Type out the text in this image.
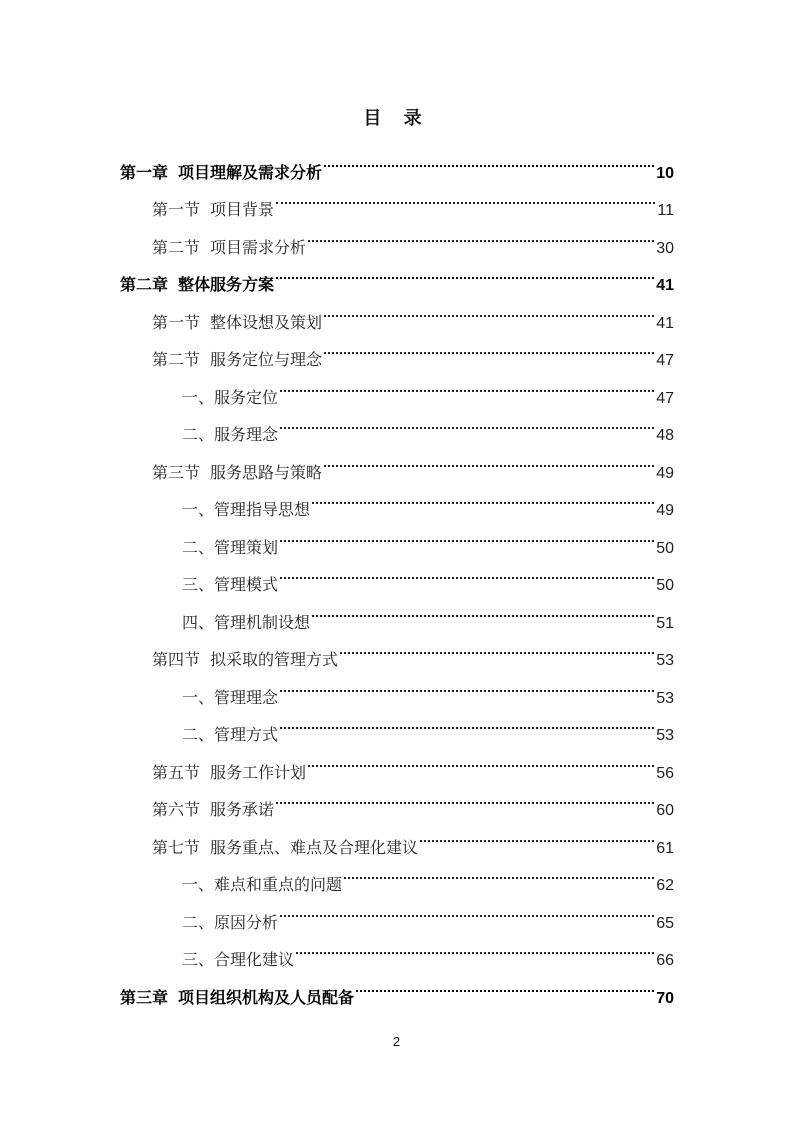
目 录
第一章 项目理解及需求分析	10
第一节 项目背景	11
第二节 项目需求分析	30
第二章 整体服务方案	41
第一节 整体设想及策划	41
第二节 服务定位与理念	47
一、服务定位	47
二、服务理念	48
第三节 服务思路与策略	49
一、管理指导思想	49
二、管理策划	50
三、管理模式	50
四、管理机制设想	51
第四节 拟采取的管理方式	53
一、管理理念	53
二、管理方式	53
第五节 服务工作计划	56
第六节 服务承诺	60
第七节 服务重点、难点及合理化建议	61
一、难点和重点的问题	62
二、原因分析	65
三、合理化建议	66
第三章 项目组织机构及人员配备	70
2
